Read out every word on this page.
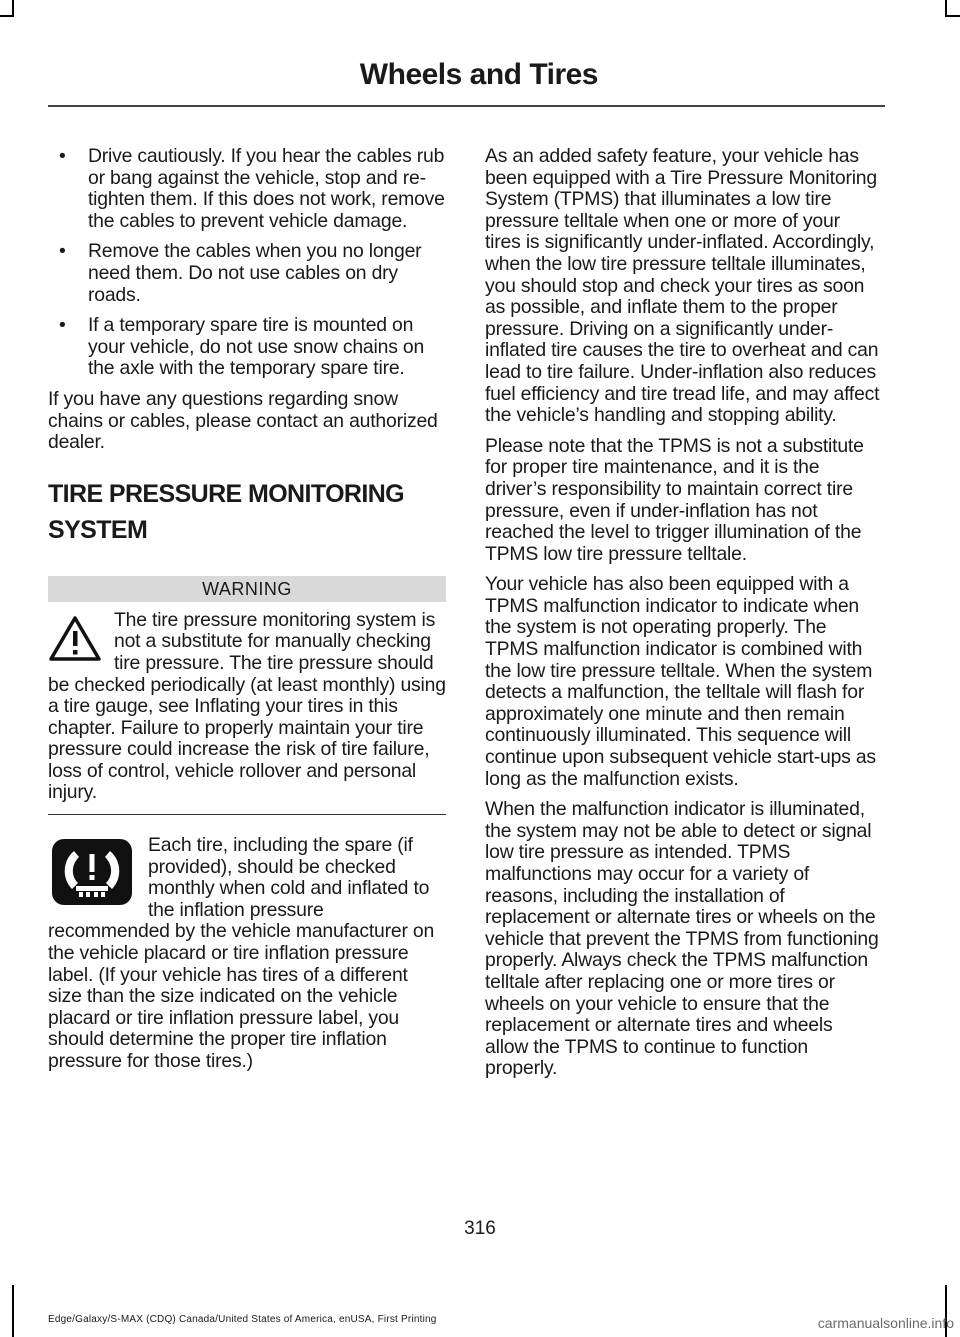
Wheels and Tires
• Drive cautiously. If you hear the cables rub or bang against the vehicle, stop and re-tighten them. If this does not work, remove the cables to prevent vehicle damage.
• Remove the cables when you no longer need them. Do not use cables on dry roads.
• If a temporary spare tire is mounted on your vehicle, do not use snow chains on the axle with the temporary spare tire.

If you have any questions regarding snow chains or cables, please contact an authorized dealer.

TIRE PRESSURE MONITORING
SYSTEM
WARNING

The tire pressure monitoring system is not a substitute for manually checking tire pressure. The tire pressure should be checked periodically (at least monthly) using a tire gauge, see Inflating your tires in this chapter. Failure to properly maintain your tire pressure could increase the risk of tire failure, loss of control, vehicle rollover and personal injury.

Each tire, including the spare (if provided), should be checked monthly when cold and inflated to the inflation pressure recommended by the vehicle manufacturer on the vehicle placard or tire inflation pressure label. (If your vehicle has tires of a different size than the size indicated on the vehicle placard or tire inflation pressure label, you should determine the proper tire inflation pressure for those tires.)

As an added safety feature, your vehicle has been equipped with a Tire Pressure Monitoring System (TPMS) that illuminates a low tire pressure telltale when one or more of your tires is significantly under-inflated. Accordingly, when the low tire pressure telltale illuminates, you should stop and check your tires as soon as possible, and inflate them to the proper pressure. Driving on a significantly under-inflated tire causes the tire to overheat and can lead to tire failure. Under-inflation also reduces fuel efficiency and tire tread life, and may affect the vehicle’s handling and stopping ability.

Please note that the TPMS is not a substitute for proper tire maintenance, and it is the driver’s responsibility to maintain correct tire pressure, even if under-inflation has not reached the level to trigger illumination of the TPMS low tire pressure telltale.

Your vehicle has also been equipped with a TPMS malfunction indicator to indicate when the system is not operating properly. The TPMS malfunction indicator is combined with the low tire pressure telltale. When the system detects a malfunction, the telltale will flash for approximately one minute and then remain continuously illuminated. This sequence will continue upon subsequent vehicle start-ups as long as the malfunction exists.

When the malfunction indicator is illuminated, the system may not be able to detect or signal low tire pressure as intended. TPMS malfunctions may occur for a variety of reasons, including the installation of replacement or alternate tires or wheels on the vehicle that prevent the TPMS from functioning properly. Always check the TPMS malfunction telltale after replacing one or more tires or wheels on your vehicle to ensure that the replacement or alternate tires and wheels allow the TPMS to continue to function properly.

316
Edge/Galaxy/S-MAX (CDQ) Canada/United States of America, enUSA, First Printing	carmanualsonline.info
